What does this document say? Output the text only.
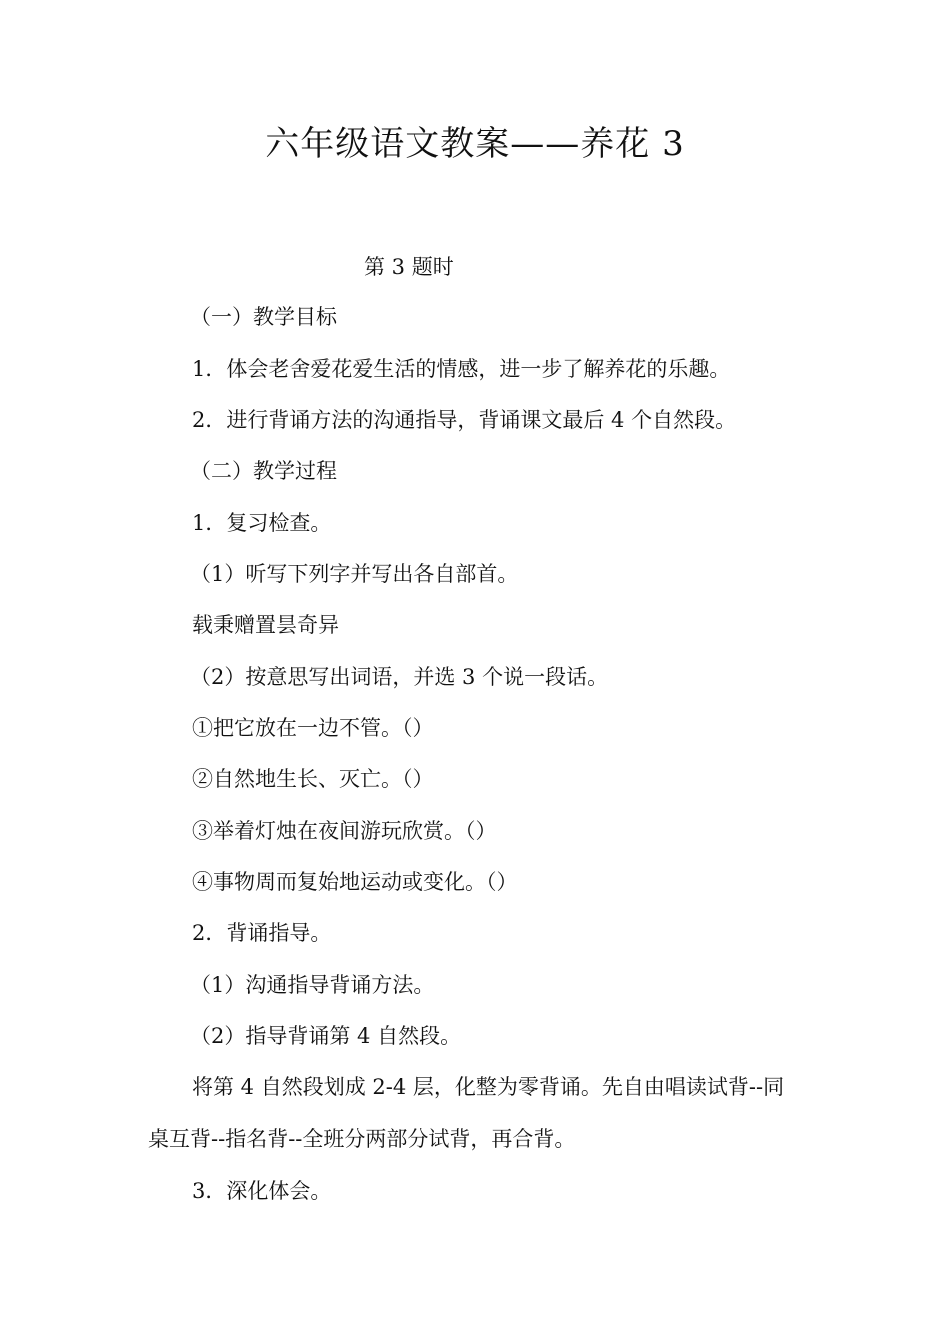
六年级语文教案——养花 3

第 3 题时

（一）教学目标

1．体会老舍爱花爱生活的情感，进一步了解养花的乐趣。

2．进行背诵方法的沟通指导，背诵课文最后 4 个自然段。

（二）教学过程

1．复习检查。

（1）听写下列字并写出各自部首。

载秉赠置昙奇异

（2）按意思写出词语，并选 3 个说一段话。

①把它放在一边不管。（）

②自然地生长、灭亡。（）

③举着灯烛在夜间游玩欣赏。（）

④事物周而复始地运动或变化。（）

2．背诵指导。

（1）沟通指导背诵方法。

（2）指导背诵第 4 自然段。

将第 4 自然段划成 2-4 层，化整为零背诵。先自由唱读试背--同

桌互背--指名背--全班分两部分试背，再合背。

3．深化体会。
